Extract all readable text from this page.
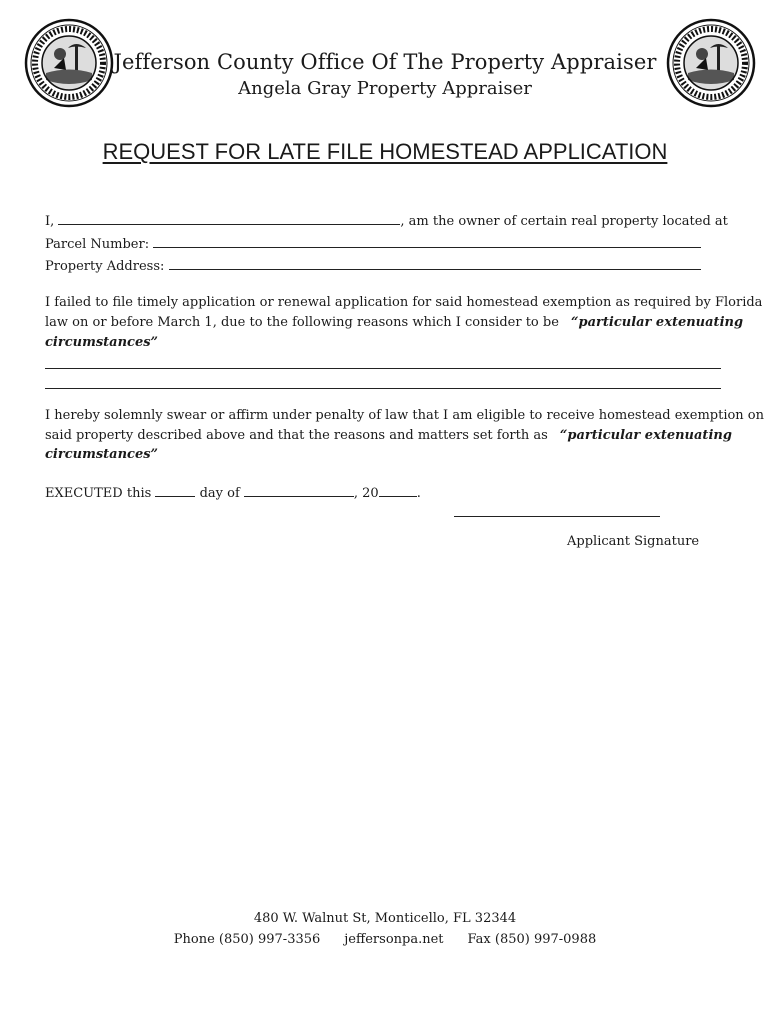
Jefferson County Office Of The Property Appraiser
Angela Gray Property Appraiser
REQUEST FOR LATE FILE HOMESTEAD APPLICATION
I,	, am the owner of certain real property located at
Parcel Number:
Property Address:
I failed to file timely application or renewal application for said homestead exemption as required by Florida
law on or before March 1, due to the following reasons which I consider to be “particular extenuating
circumstances”
I hereby solemnly swear or affirm under penalty of law that I am eligible to receive homestead exemption on
said property described above and that the reasons and matters set forth as “particular extenuating
circumstances”
EXECUTED this	day of	, 20	.
Applicant Signature
480 W. Walnut St, Monticello, FL 32344
Phone (850) 997-3356 jeffersonpa.net Fax (850) 997-0988
